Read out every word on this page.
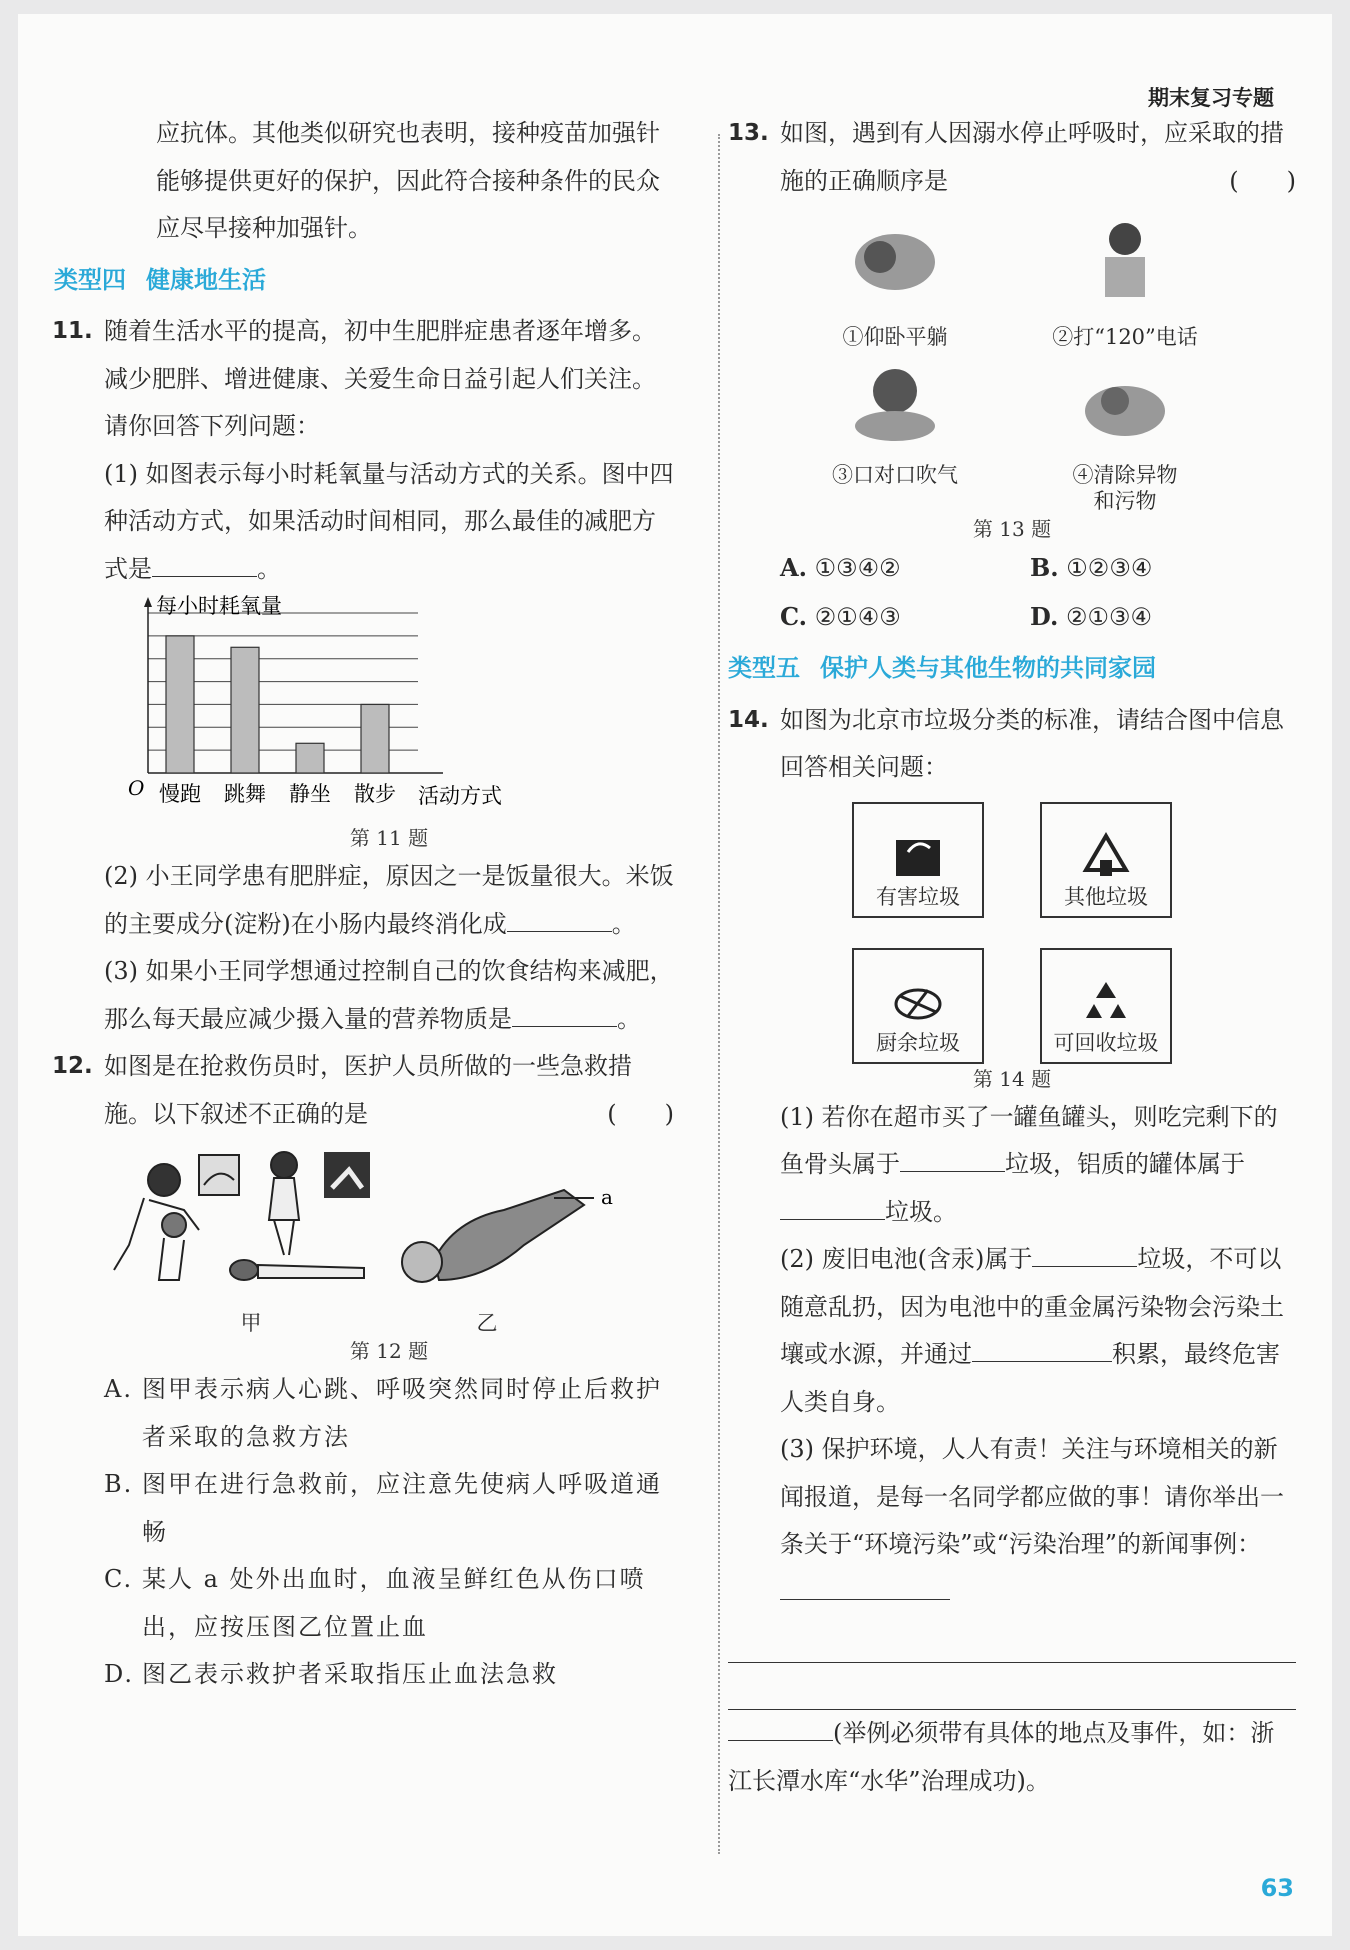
期末复习专题
63

应抗体。其他类似研究也表明，接种疫苗加强针能够提供更好的保护，因此符合接种条件的民众应尽早接种加强针。

类型四 健康地生活
11. 随着生活水平的提高，初中生肥胖症患者逐年增多。减少肥胖、增进健康、关爱生命日益引起人们关注。请你回答下列问题：

(1) 如图表示每小时耗氧量与活动方式的关系。图中四种活动方式，如果活动时间相同，那么最佳的减肥方式是	。

慢跑 跳舞 静坐 散步
每小时耗氧量
活动方式
O
第 11 题

(2) 小王同学患有肥胖症，原因之一是饭量很大。米饭的主要成分(淀粉)在小肠内最终消化成	。

(3) 如果小王同学想通过控制自己的饮食结构来减肥，那么每天最应减少摄入量的营养物质是	。

12. 如图是在抢救伤员时，医护人员所做的一些急救措施。以下叙述不正确的是	(　　)

a
甲	乙
第 12 题

A. 图甲表示病人心跳、呼吸突然同时停止后救护者采取的急救方法

B. 图甲在进行急救前，应注意先使病人呼吸道通畅

C. 某人 a 处外出血时，血液呈鲜红色从伤口喷出，应按压图乙位置止血

D. 图乙表示救护者采取指压止血法急救

13. 如图，遇到有人因溺水停止呼吸时，应采取的措施的正确顺序是	(　　)

①仰卧平躺	②打“120”电话
③口对口吹气	④清除异物
和污物
第 13 题
A. ①③④②	B. ①②③④
C. ②①④③	D. ②①③④
类型五 保护人类与其他生物的共同家园
14. 如图为北京市垃圾分类的标准，请结合图中信息回答相关问题：

有害垃圾	其他垃圾
厨余垃圾	可回收垃圾
第 14 题

(1) 若你在超市买了一罐鱼罐头，则吃完剩下的鱼骨头属于	垃圾，铝质的罐体属于垃圾。

(2) 废旧电池(含汞)属于	垃圾，不可以随意乱扔，因为电池中的重金属污染物会污染土壤或水源，并通过	积累，最终危害人类自身。

(3) 保护环境，人人有责！关注与环境相关的新闻报道，是每一名同学都应做的事！请你举出一条关于“环境污染”或“污染治理”的新闻事例：

(举例必须带有具体的地点及事件，如：浙江长潭水库“水华”治理成功)。
